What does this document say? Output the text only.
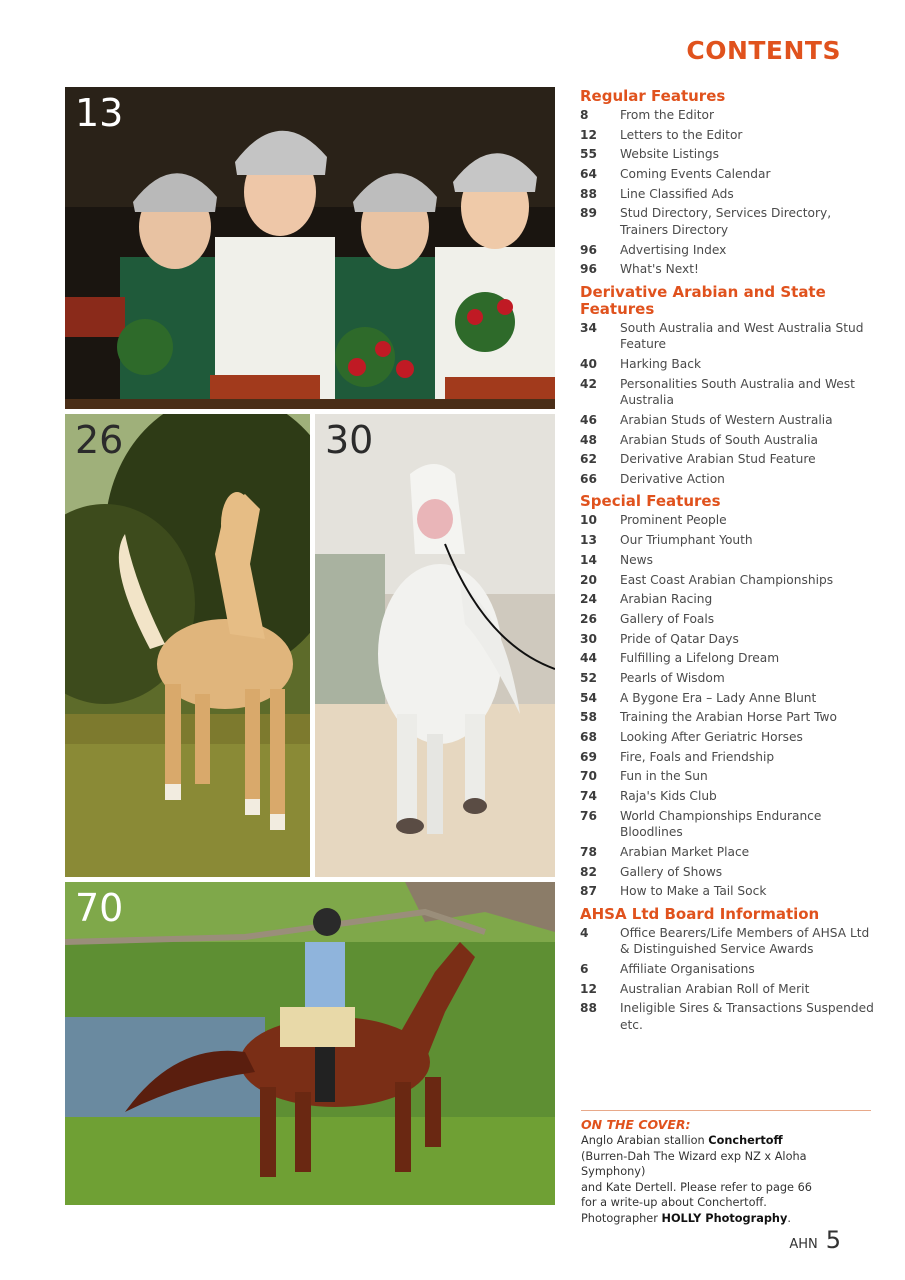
CONTENTS
13
26	30
70
Regular Features
8	From the Editor
12	Letters to the Editor
55	Website Listings
64	Coming Events Calendar
88	Line Classified Ads
89	Stud Directory, Services Directory, Trainers Directory
96	Advertising Index
96	What's Next!
Derivative Arabian and State Features
34	South Australia and West Australia Stud Feature
40	Harking Back
42	Personalities South Australia and West Australia
46	Arabian Studs of Western Australia
48	Arabian Studs of South Australia
62	Derivative Arabian Stud Feature
66	Derivative Action
Special Features
10	Prominent People
13	Our Triumphant Youth
14	News
20	East Coast Arabian Championships
24	Arabian Racing
26	Gallery of Foals
30	Pride of Qatar Days
44	Fulfilling a Lifelong Dream
52	Pearls of Wisdom
54	A Bygone Era – Lady Anne Blunt
58	Training the Arabian Horse Part Two
68	Looking After Geriatric Horses
69	Fire, Foals and Friendship
70	Fun in the Sun
74	Raja's Kids Club
76	World Championships Endurance Bloodlines
78	Arabian Market Place
82	Gallery of Shows
87	How to Make a Tail Sock
AHSA Ltd Board Information
4	Office Bearers/Life Members of AHSA Ltd & Distinguished Service Awards
6	Affiliate Organisations
12	Australian Arabian Roll of Merit
88	Ineligible Sires & Transactions Suspended etc.
ON THE COVER:
Anglo Arabian stallion Conchertoff
(Burren-Dah The Wizard exp NZ x Aloha Symphony)
and Kate Dertell. Please refer to page 66
for a write-up about Conchertoff.
Photographer HOLLY Photography.
AHN 5
